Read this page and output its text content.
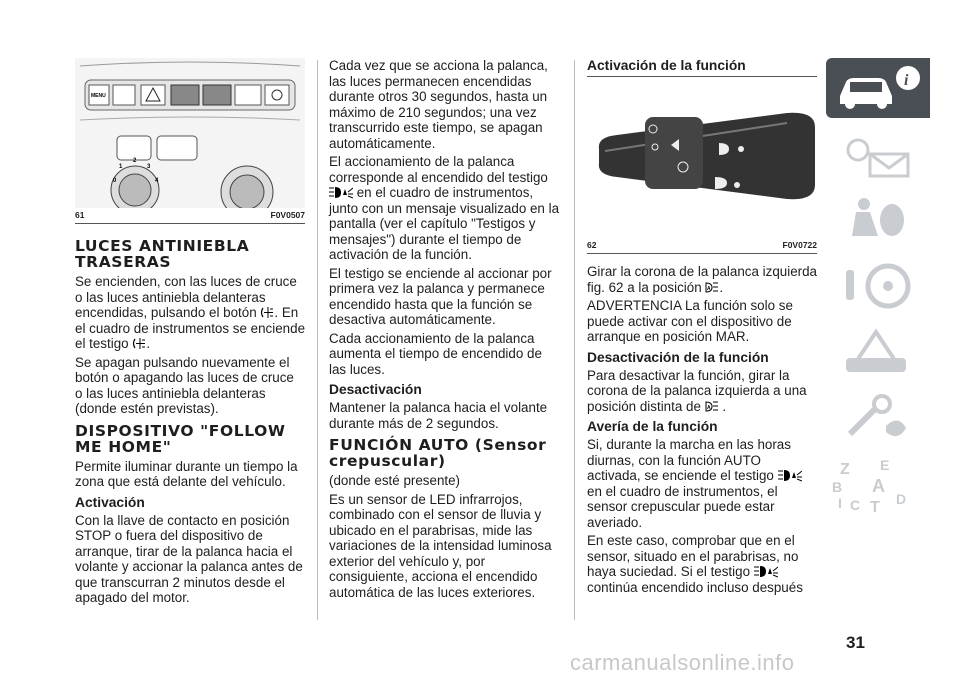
MENU
0
1
2
3
4
61	F0V0507
LUCES ANTINIEBLA TRASERAS

Se encienden, con las luces de cruce o las luces antiniebla delanteras encendidas, pulsando el botón . En el cuadro de instrumentos se enciende el testigo .

Se apagan pulsando nuevamente el botón o apagando las luces de cruce o las luces antiniebla delanteras (donde estén previstas).

DISPOSITIVO "FOLLOW ME HOME"

Permite iluminar durante un tiempo la zona que está delante del vehículo.

Activación

Con la llave de contacto en posición STOP o fuera del dispositivo de arranque, tirar de la palanca hacia el volante y accionar la palanca antes de que transcurran 2 minutos desde el apagado del motor.

Cada vez que se acciona la palanca, las luces permanecen encendidas durante otros 30 segundos, hasta un máximo de 210 segundos; una vez transcurrido este tiempo, se apagan automáticamente.

El accionamiento de la palanca corresponde al encendido del testigo  en el cuadro de instrumentos, junto con un mensaje visualizado en la pantalla (ver el capítulo "Testigos y mensajes") durante el tiempo de activación de la función.

El testigo se enciende al accionar por primera vez la palanca y permanece encendido hasta que la función se desactiva automáticamente.

Cada accionamiento de la palanca aumenta el tiempo de encendido de las luces.

Desactivación

Mantener la palanca hacia el volante durante más de 2 segundos.

FUNCIÓN AUTO (Sensor crepuscular)

(donde esté presente)

Es un sensor de LED infrarrojos, combinado con el sensor de lluvia y ubicado en el parabrisas, mide las variaciones de la intensidad luminosa exterior del vehículo y, por consiguiente, acciona el encendido automática de las luces exteriores.

Activación de la función
62	F0V0722

Girar la corona de la palanca izquierda fig. 62 a la posición A .

ADVERTENCIA La función solo se puede activar con el dispositivo de arranque en posición MAR.

Desactivación de la función

Para desactivar la función, girar la corona de la palanca izquierda a una posición distinta de A .

Avería de la función

Si, durante la marcha en las horas diurnas, con la función AUTO activada, se enciende el testigo  en el cuadro de instrumentos, el sensor crepuscular puede estar averiado.

En este caso, comprobar que en el sensor, situado en el parabrisas, no haya suciedad. Si el testigo  continúa encendido incluso después

i
Z E
B A
I C T D
31
carmanualsonline.info
